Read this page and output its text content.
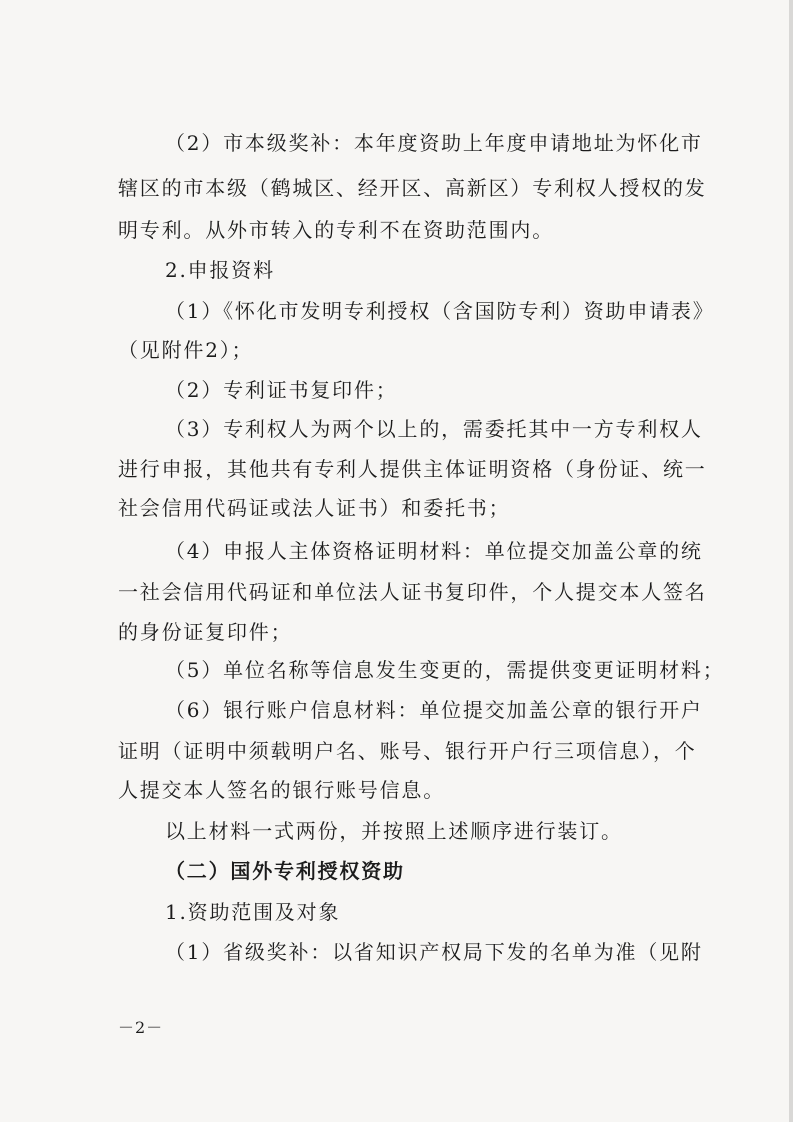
（2）市本级奖补：本年度资助上年度申请地址为怀化市
辖区的市本级（鹤城区、经开区、高新区）专利权人授权的发
明专利。从外市转入的专利不在资助范围内。
2.申报资料
（1）《怀化市发明专利授权（含国防专利）资助申请表》
（见附件2）；
（2）专利证书复印件；
（3）专利权人为两个以上的，需委托其中一方专利权人
进行申报，其他共有专利人提供主体证明资格（身份证、统一
社会信用代码证或法人证书）和委托书；
（4）申报人主体资格证明材料：单位提交加盖公章的统
一社会信用代码证和单位法人证书复印件，个人提交本人签名
的身份证复印件；
（5）单位名称等信息发生变更的，需提供变更证明材料；
（6）银行账户信息材料：单位提交加盖公章的银行开户
证明（证明中须载明户名、账号、银行开户行三项信息），个
人提交本人签名的银行账号信息。
以上材料一式两份，并按照上述顺序进行装订。
（二）国外专利授权资助
1.资助范围及对象
（1）省级奖补：以省知识产权局下发的名单为准（见附
－2－
